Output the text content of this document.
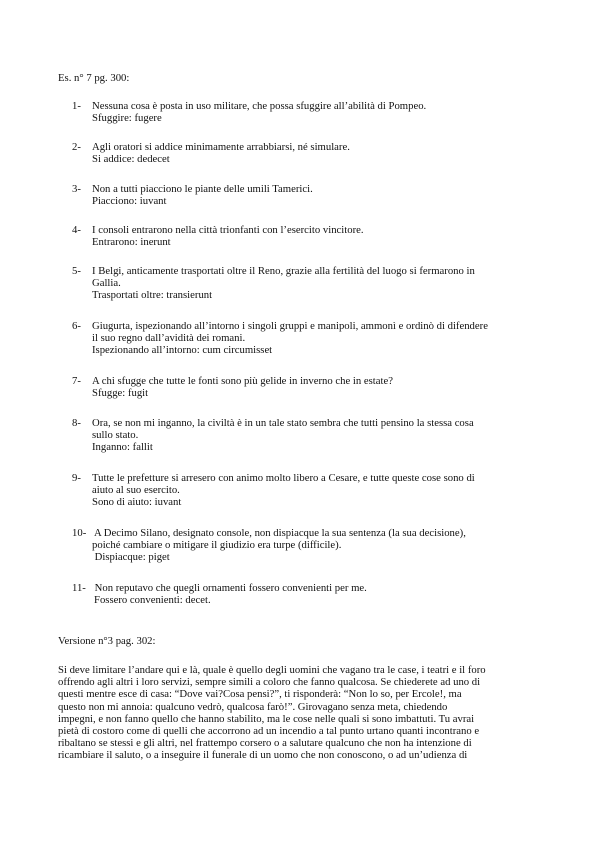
Es. n° 7 pg. 300:
1- Nessuna cosa è posta in uso militare, che possa sfuggire all’abilità di Pompeo.
Sfuggire: fugere
2- Agli oratori si addice minimamente arrabbiarsi, né simulare.
Si addice: dedecet
3- Non a tutti piacciono le piante delle umili Tamerici.
Piacciono: iuvant
4- I consoli entrarono nella città trionfanti con l’esercito vincitore.
Entrarono: inerunt
5- I Belgi, anticamente trasportati oltre il Reno, grazie alla fertilità del luogo si fermarono in
Gallia.
Trasportati oltre: transierunt
6- Giugurta, ispezionando all’intorno i singoli gruppi e manipoli, ammonì e ordinò di difendere
il suo regno dall’avidità dei romani.
Ispezionando all’intorno: cum circumisset
7- A chi sfugge che tutte le fonti sono più gelide in inverno che in estate?
Sfugge: fugit
8- Ora, se non mi inganno, la civiltà è in un tale stato sembra che tutti pensino la stessa cosa
sullo stato.
Inganno: fallit
9- Tutte le prefetture si arresero con animo molto libero a Cesare, e tutte queste cose sono di
aiuto al suo esercito.
Sono di aiuto: iuvant
10- A Decimo Silano, designato console, non dispiacque la sua sentenza (la sua decisione),
poiché cambiare o mitigare il giudizio era turpe (difficile).
Dispiacque: piget
11- Non reputavo che quegli ornamenti fossero convenienti per me.
Fossero convenienti: decet.
Versione n°3 pag. 302:
Si deve limitare l’andare qui e là, quale è quello degli uomini che vagano tra le case, i teatri e il foro
offrendo agli altri i loro servizi, sempre simili a coloro che fanno qualcosa. Se chiederete ad uno di
questi mentre esce di casa: “Dove vai?Cosa pensi?”, ti risponderà: “Non lo so, per Ercole!, ma
questo non mi annoia: qualcuno vedrò, qualcosa farò!”. Girovagano senza meta, chiedendo
impegni, e non fanno quello che hanno stabilito, ma le cose nelle quali si sono imbattuti. Tu avrai
pietà di costoro come di quelli che accorrono ad un incendio a tal punto urtano quanti incontrano e
ribaltano se stessi e gli altri, nel frattempo corsero o a salutare qualcuno che non ha intenzione di
ricambiare il saluto, o a inseguire il funerale di un uomo che non conoscono, o ad un’udienza di
